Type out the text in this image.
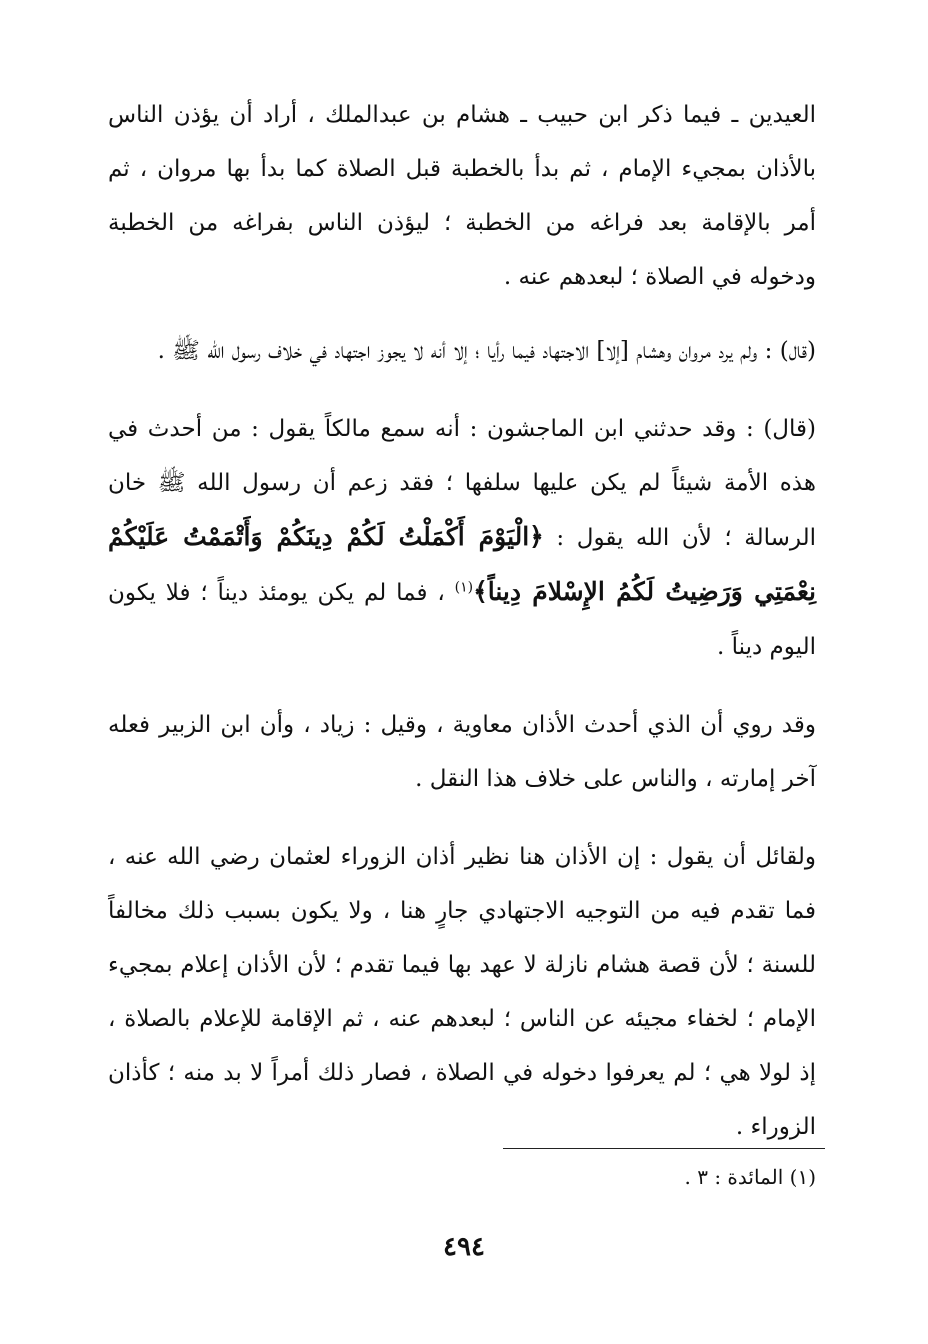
العيدين ـ فيما ذكر ابن حبيب ـ هشام بن عبدالملك ، أراد أن يؤذن الناس بالأذان بمجيء الإمام ، ثم بدأ بالخطبة قبل الصلاة كما بدأ بها مروان ، ثم أمر بالإقامة بعد فراغه من الخطبة ؛ ليؤذن الناس بفراغه من الخطبة ودخوله في الصلاة ؛ لبعدهم عنه .

(قال) : ولم يرد مروان وهشام [إلا] الاجتهاد فيما رأيا ؛ إلا أنه لا يجوز اجتهاد في خلاف رسول الله ﷺ .

(قال) : وقد حدثني ابن الماجشون : أنه سمع مالكاً يقول : من أحدث في هذه الأمة شيئاً لم يكن عليها سلفها ؛ فقد زعم أن رسول الله ﷺ خان الرسالة ؛ لأن الله يقول : ﴿الْيَوْمَ أَكْمَلْتُ لَكُمْ دِينَكُمْ وَأَتْمَمْتُ عَلَيْكُمْ نِعْمَتِي وَرَضِيتُ لَكُمُ الإِسْلامَ دِيناً﴾$^{(١)}$ ، فما لم يكن يومئذ ديناً ؛ فلا يكون اليوم ديناً .

وقد روي أن الذي أحدث الأذان معاوية ، وقيل : زياد ، وأن ابن الزبير فعله آخر إمارته ، والناس على خلاف هذا النقل .

ولقائل أن يقول : إن الأذان هنا نظير أذان الزوراء لعثمان رضي الله عنه ، فما تقدم فيه من التوجيه الاجتهادي جارٍ هنا ، ولا يكون بسبب ذلك مخالفاً للسنة ؛ لأن قصة هشام نازلة لا عهد بها فيما تقدم ؛ لأن الأذان إعلام بمجيء الإمام ؛ لخفاء مجيئه عن الناس ؛ لبعدهم عنه ، ثم الإقامة للإعلام بالصلاة ، إذ لولا هي ؛ لم يعرفوا دخوله في الصلاة ، فصار ذلك أمراً لا بد منه ؛ كأذان الزوراء .

(١) المائدة : ٣ .
٤٩٤
